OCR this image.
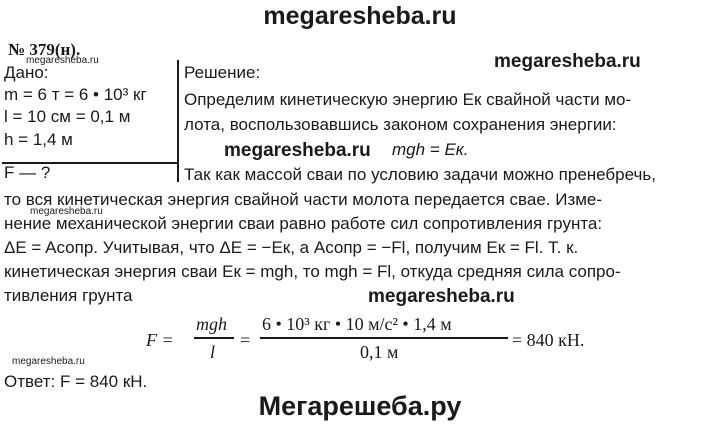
megaresheba.ru
№ 379(н).
megaresheba.ru	megaresheba.ru
Дано:
m = 6 т = 6 • 10³ кг
l = 10 см = 0,1 м
h = 1,4 м
F — ?
Решение:
Определим кинетическую энергию Eк свайной части мо-
лота, воспользовавшись законом сохранения энергии:
megaresheba.ru mgh = Eк.
Так как массой сваи по условию задачи можно пренебречь,
то вся кинетическая энергия свайной части молота передается свае. Изме-
megaresheba.ru
нение механической энергии сваи равно работе сил сопротивления грунта:
ΔE = Aсопр. Учитывая, что ΔE = −Eк, а Aсопр = −Fl, получим Eк = Fl. Т. к.
кинетическая энергия сваи Eк = mgh, то mgh = Fl, откуда средняя сила сопро-
тивления грунта	megaresheba.ru
F =
mgh
l
=
6 • 10³ кг • 10 м/с² • 1,4 м
0,1 м
= 840 кН.
megaresheba.ru
Ответ: F = 840 кН.
Мегарешеба.ру
